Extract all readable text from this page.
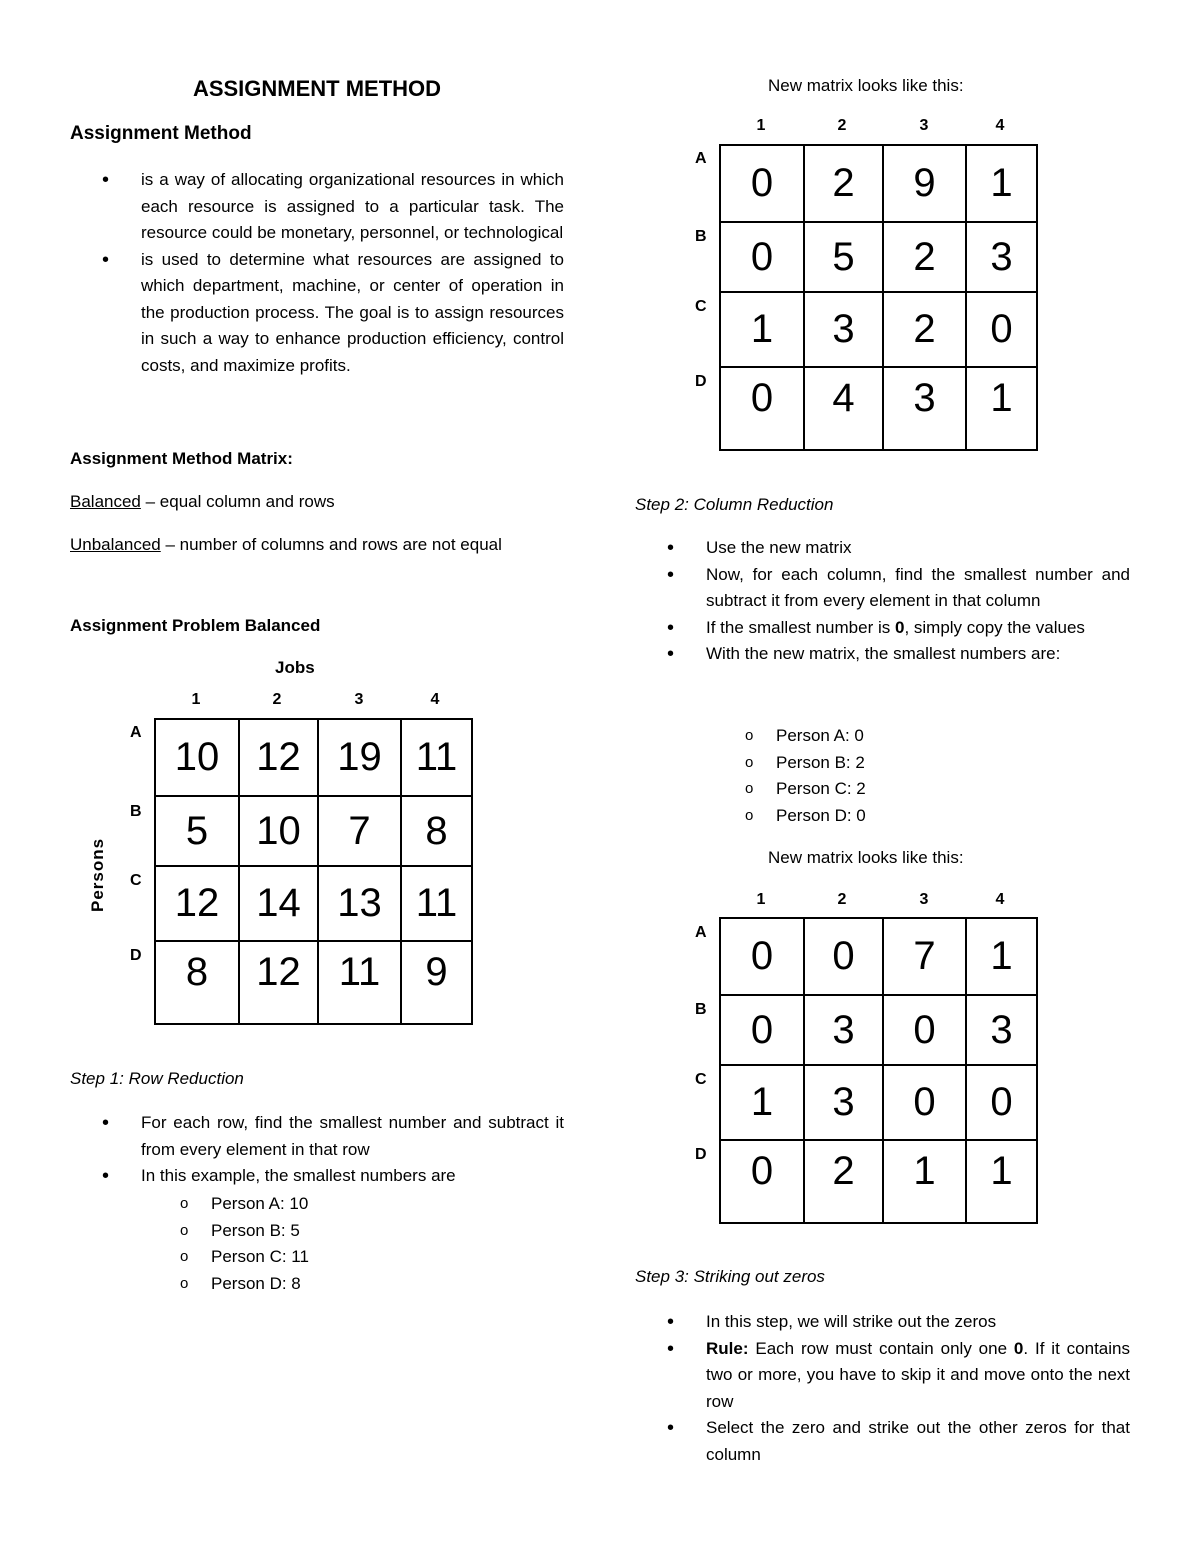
ASSIGNMENT METHOD

Assignment Method

• is a way of allocating organizational resources in which each resource is assigned to a particular task. The resource could be monetary, personnel, or technological
• is used to determine what resources are assigned to which department, machine, or center of operation in the production process. The goal is to assign resources in such a way to enhance production efficiency, control costs, and maximize profits.

Assignment Method Matrix:

Balanced – equal column and rows

Unbalanced – number of columns and rows are not equal

Assignment Problem Balanced

Jobs
1	2	3	4
Persons
A
B
C
D
10	12	19	11
5	10	7	8
12	14	13	11
8	12	11	9

Step 1: Row Reduction

• For each row, find the smallest number and subtract it from every element in that row
• In this example, the smallest numbers are
o Person A: 10
o Person B: 5
o Person C: 11
o Person D: 8

New matrix looks like this:

1	2	3	4
A
B
C
D
0	2	9	1
0	5	2	3
1	3	2	0
0	4	3	1

Step 2: Column Reduction

• Use the new matrix
• Now, for each column, find the smallest number and subtract it from every element in that column
• If the smallest number is 0, simply copy the values
• With the new matrix, the smallest numbers are:
o Person A: 0
o Person B: 2
o Person C: 2
o Person D: 0

New matrix looks like this:

1	2	3	4
A
B
C
D
0	0	7	1
0	3	0	3
1	3	0	0
0	2	1	1

Step 3: Striking out zeros

• In this step, we will strike out the zeros
• Rule: Each row must contain only one 0. If it contains two or more, you have to skip it and move onto the next row
• Select the zero and strike out the other zeros for that column
